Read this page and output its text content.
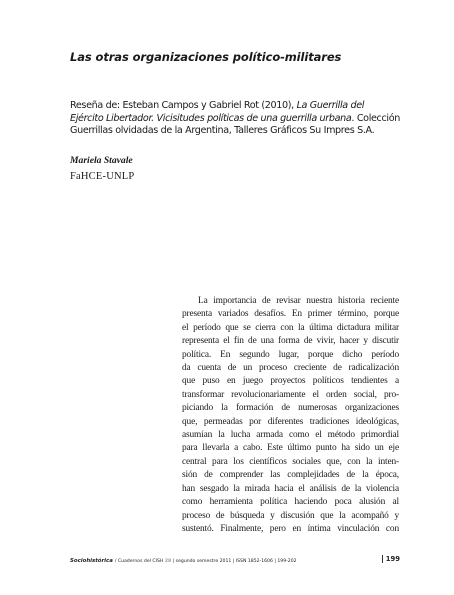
Las otras organizaciones político-militares
Reseña de: Esteban Campos y Gabriel Rot (2010), La Guerrilla del
Ejército Libertador. Vicisitudes políticas de una guerrilla urbana. Colección
Guerrillas olvidadas de la Argentina, Talleres Gráficos Su Impres S.A.
Mariela Stavale
FaHCE-UNLP
La importancia de revisar nuestra historia reciente
presenta variados desafíos. En primer término, porque
el período que se cierra con la última dictadura militar
representa el fin de una forma de vivir, hacer y discutir
política. En segundo lugar, porque dicho período
da cuenta de un proceso creciente de radicalización
que puso en juego proyectos políticos tendientes a
transformar revolucionariamente el orden social, pro-
piciando la formación de numerosas organizaciones
que, permeadas por diferentes tradiciones ideológicas,
asumían la lucha armada como el método primordial
para llevarla a cabo. Este último punto ha sido un eje
central para los científicos sociales que, con la inten-
sión de comprender las complejidades de la época,
han sesgado la mirada hacia el análisis de la violencia
como herramienta política haciendo poca alusión al
proceso de búsqueda y discusión que la acompañó y
sustentó. Finalmente, pero en íntima vinculación con
Sociohistórica / Cuadernos del CISH 28 | segundo semestre 2011 | ISSN 1852-1606 | 199-202	199
